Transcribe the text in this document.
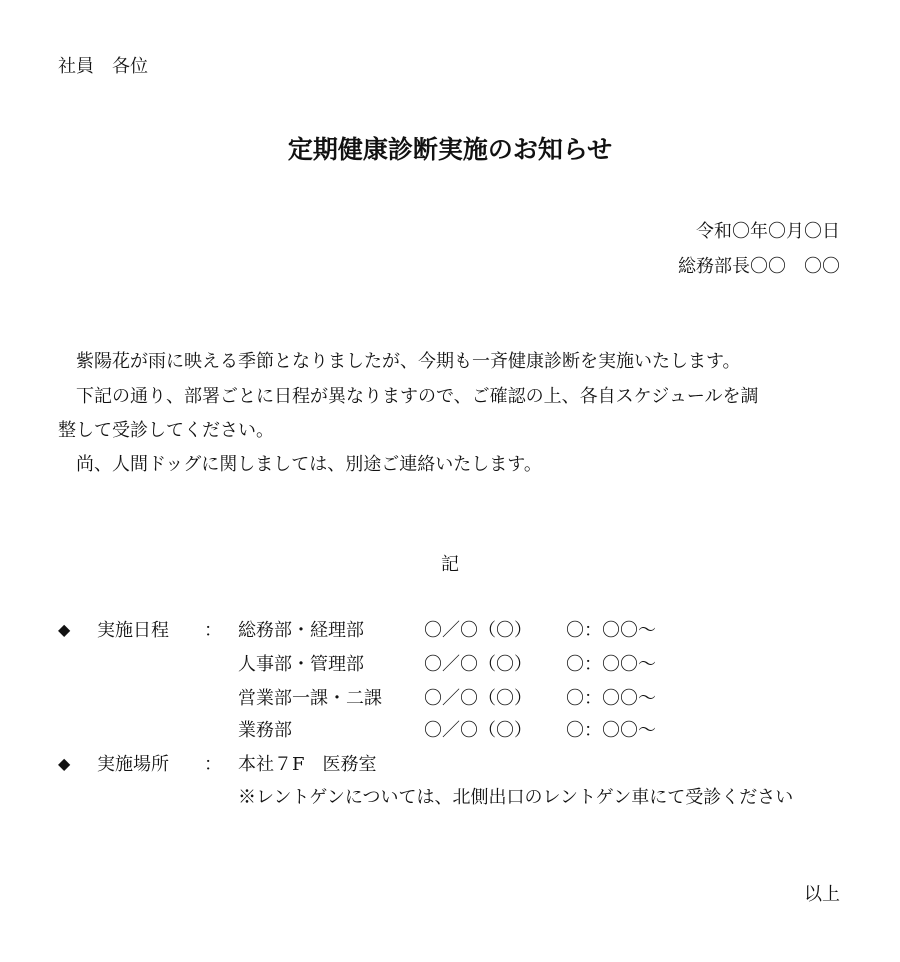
社員　各位
定期健康診断実施のお知らせ
令和〇年〇月〇日
総務部長〇〇　〇〇
　紫陽花が雨に映える季節となりましたが、今期も一斉健康診断を実施いたします。
　下記の通り、部署ごとに日程が異なりますので、ご確認の上、各自スケジュールを調
整して受診してください。
　尚、人間ドッグに関しましては、別途ご連絡いたします。
記
◆ 実施日程 ： 総務部・経理部	〇／〇（〇） 〇：〇〇～
人事部・管理部	〇／〇（〇） 〇：〇〇～
営業部一課・二課 〇／〇（〇） 〇：〇〇～
業務部	〇／〇（〇） 〇：〇〇～
◆ 実施場所 ： 本社７F　医務室
※レントゲンについては、北側出口のレントゲン車にて受診ください
以上
